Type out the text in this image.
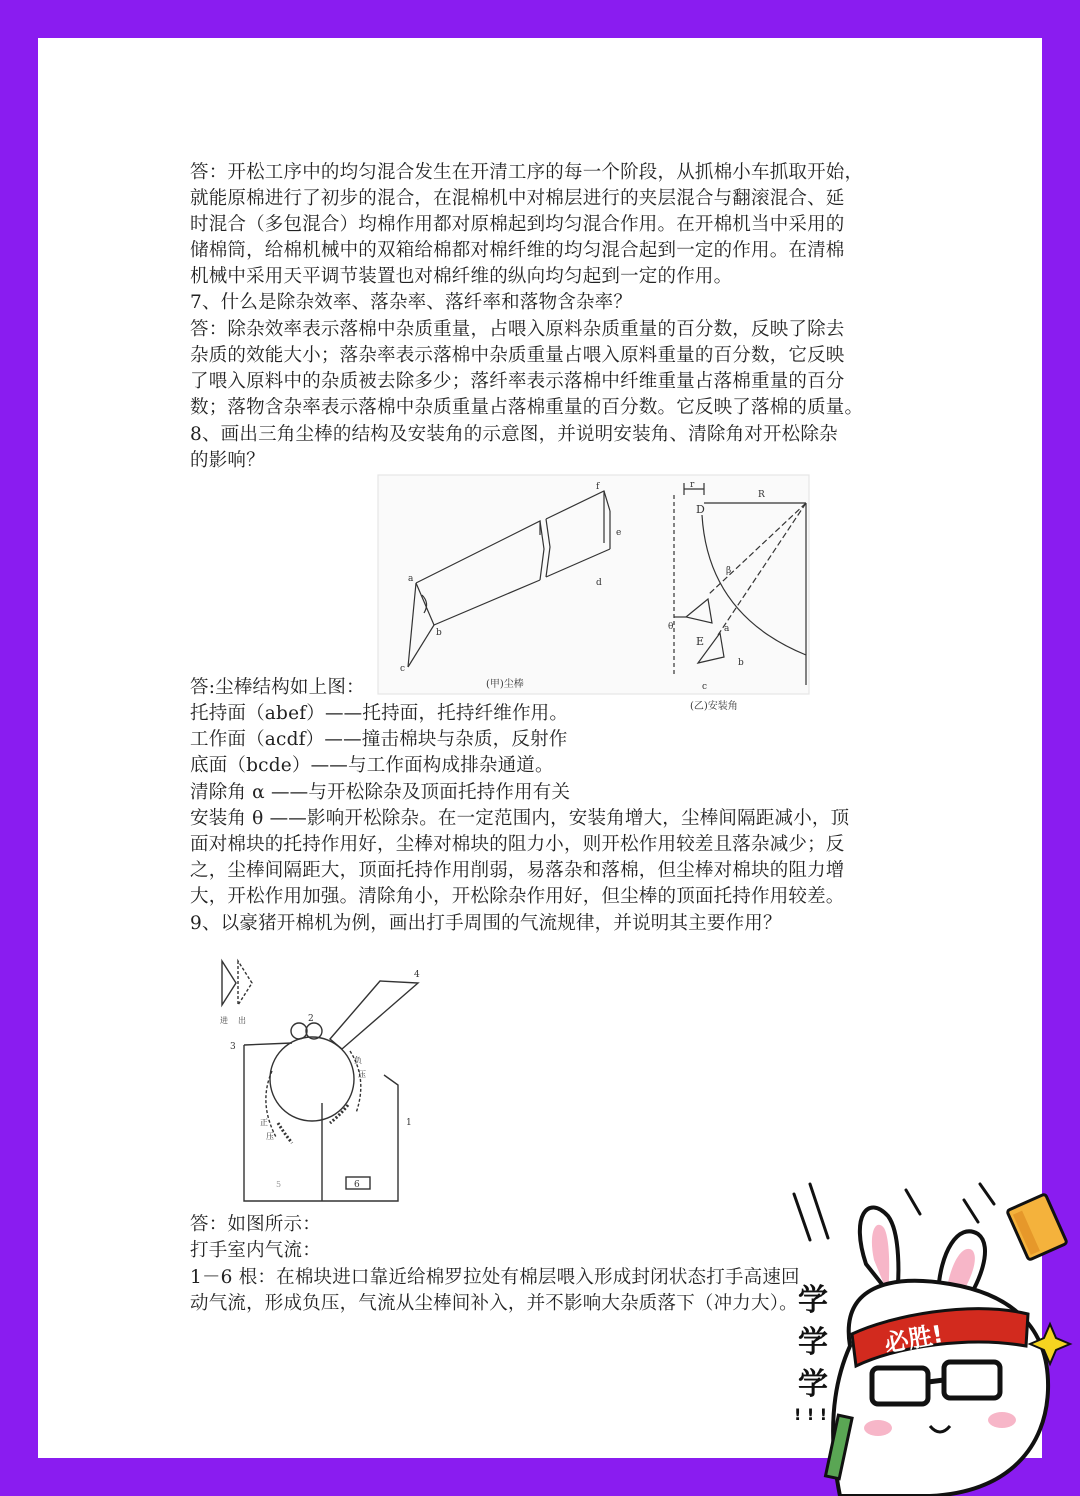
答：开松工序中的均匀混合发生在开清工序的每一个阶段，从抓棉小车抓取开始，
就能原棉进行了初步的混合，在混棉机中对棉层进行的夹层混合与翻滚混合、延
时混合（多包混合）均棉作用都对原棉起到均匀混合作用。在开棉机当中采用的
储棉筒，给棉机械中的双箱给棉都对棉纤维的均匀混合起到一定的作用。在清棉
机械中采用天平调节装置也对棉纤维的纵向均匀起到一定的作用。
7、什么是除杂效率、落杂率、落纤率和落物含杂率？
答：除杂效率表示落棉中杂质重量，占喂入原料杂质重量的百分数，反映了除去
杂质的效能大小；落杂率表示落棉中杂质重量占喂入原料重量的百分数，它反映
了喂入原料中的杂质被去除多少；落纤率表示落棉中纤维重量占落棉重量的百分
数；落物含杂率表示落棉中杂质重量占落棉重量的百分数。它反映了落棉的质量。
8、画出三角尘棒的结构及安装角的示意图，并说明安装角、清除角对开松除杂
的影响？
a
b
c
d
e
f
(甲)尘棒
r
R
D
β
θ
E
a
b
c
(乙)安装角
答:尘棒结构如上图：
托持面（abef）——托持面，托持纤维作用。
工作面（acdf）——撞击棉块与杂质，反射作
底面（bcde）——与工作面构成排杂通道。
清除角 α ——与开松除杂及顶面托持作用有关
安装角 θ ——影响开松除杂。在一定范围内，安装角增大，尘棒间隔距减小，顶
面对棉块的托持作用好，尘棒对棉块的阻力小，则开松作用较差且落杂减少；反
之，尘棒间隔距大，顶面托持作用削弱，易落杂和落棉，但尘棒对棉块的阻力增
大，开松作用加强。清除角小，开松除杂作用好，但尘棒的顶面托持作用较差。
9、以豪猪开棉机为例，画出打手周围的气流规律，并说明其主要作用？
进 出
1
2
3
4
5	6
正
负
压
压
答：如图所示：
打手室内气流：
1－6 根：在棉块进口靠近给棉罗拉处有棉层喂入形成封闭状态打手高速回
动气流，形成负压，气流从尘棒间补入，并不影响大杂质落下（冲力大）。
必胜!
学
学
学
! ! !
